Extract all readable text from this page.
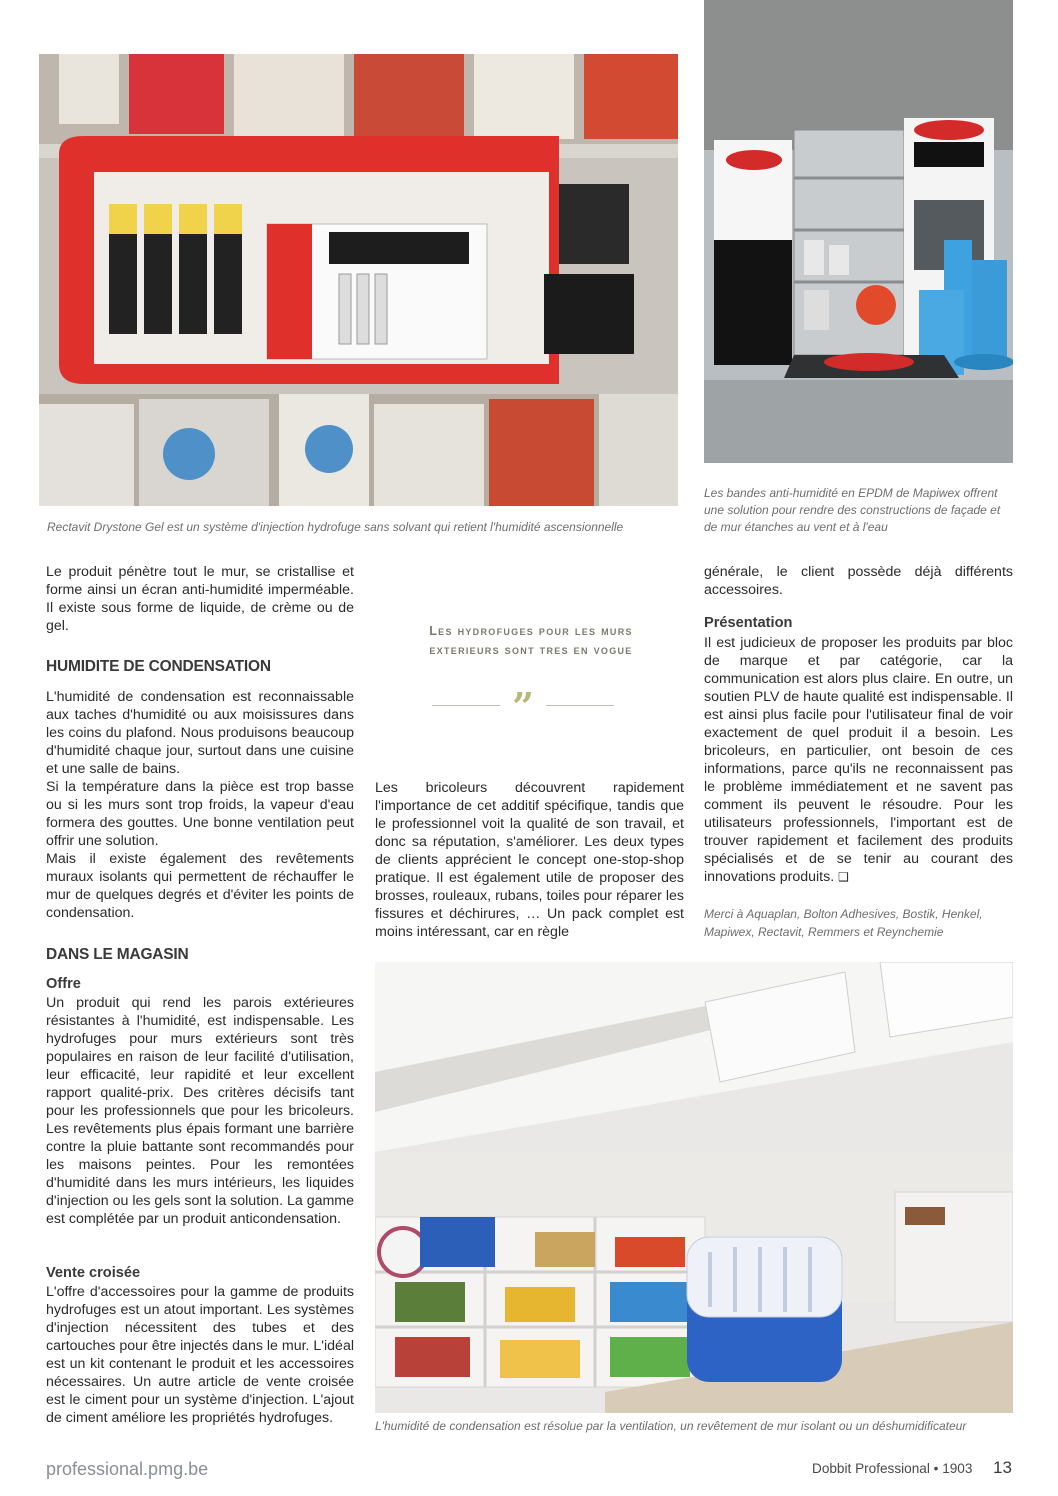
Rectavit Drystone Gel est un système d'injection hydrofuge sans solvant qui retient l'humidité ascensionnelle
Les bandes anti-humidité en EPDM de Mapiwex offrent une solution pour rendre des constructions de façade et de mur étanches au vent et à l'eau
Le produit pénètre tout le mur, se cristallise et forme ainsi un écran anti-humidité imperméable. Il existe sous forme de liquide, de crème ou de gel.
HUMIDITE DE CONDENSATION

L'humidité de condensation est reconnaissable aux taches d'humidité ou aux moisissures dans les coins du plafond. Nous produisons beaucoup d'humidité chaque jour, surtout dans une cuisine et une salle de bains.

Si la température dans la pièce est trop basse ou si les murs sont trop froids, la vapeur d'eau formera des gouttes. Une bonne ventilation peut offrir une solution.

Mais il existe également des revêtements muraux isolants qui permettent de réchauffer le mur de quelques degrés et d'éviter les points de condensation.

DANS LE MAGASIN
Offre
Un produit qui rend les parois extérieures résistantes à l'humidité, est indispensable. Les hydrofuges pour murs extérieurs sont très populaires en raison de leur facilité d'utilisation, leur efficacité, leur rapidité et leur excellent rapport qualité-prix. Des critères décisifs tant pour les professionnels que pour les bricoleurs. Les revêtements plus épais formant une barrière contre la pluie battante sont recommandés pour les maisons peintes. Pour les remontées d'humidité dans les murs intérieurs, les liquides d'injection ou les gels sont la solution. La gamme est complétée par un produit anticondensation.
Vente croisée
L'offre d'accessoires pour la gamme de produits hydrofuges est un atout important. Les systèmes d'injection nécessitent des tubes et des cartouches pour être injectés dans le mur. L'idéal est un kit contenant le produit et les accessoires nécessaires. Un autre article de vente croisée est le ciment pour un système d'injection. L'ajout de ciment améliore les propriétés hydrofuges.
Les hydrofuges pour les murs exterieurs sont tres en vogue
”
Les bricoleurs découvrent rapidement l'importance de cet additif spécifique, tandis que le professionnel voit la qualité de son travail, et donc sa réputation, s'améliorer. Les deux types de clients apprécient le concept one-stop-shop pratique. Il est également utile de proposer des brosses, rouleaux, rubans, toiles pour réparer les fissures et déchirures, … Un pack complet est moins intéressant, car en règle
générale, le client possède déjà différents accessoires.
Présentation
Il est judicieux de proposer les produits par bloc de marque et par catégorie, car la communication est alors plus claire. En outre, un soutien PLV de haute qualité est indispensable. Il est ainsi plus facile pour l'utilisateur final de voir exactement de quel produit il a besoin. Les bricoleurs, en particulier, ont besoin de ces informations, parce qu'ils ne reconnaissent pas le problème immédiatement et ne savent pas comment ils peuvent le résoudre. Pour les utilisateurs professionnels, l'important est de trouver rapidement et facilement des produits spécialisés et de se tenir au courant des innovations produits. ❑
Merci à Aquaplan, Bolton Adhesives, Bostik, Henkel, Mapiwex, Rectavit, Remmers et Reynchemie
L'humidité de condensation est résolue par la ventilation, un revêtement de mur isolant ou un déshumidificateur
professional.pmg.be	Dobbit Professional • 1903 13
